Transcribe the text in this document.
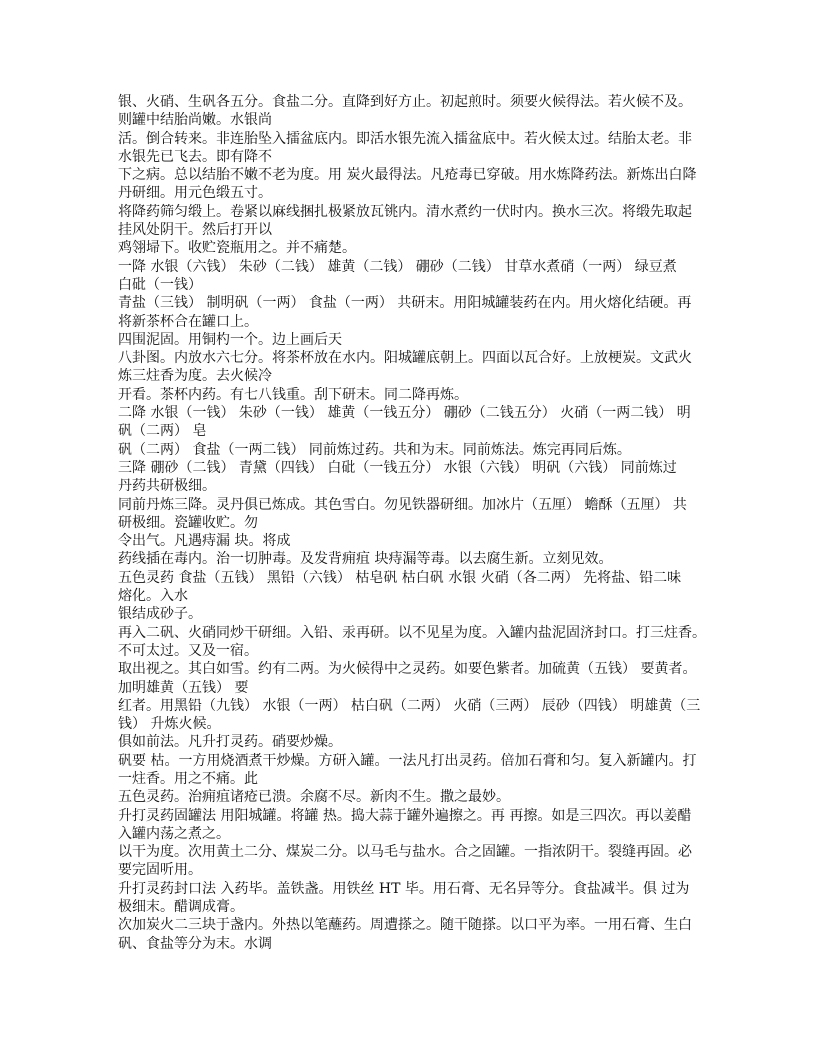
银、火硝、生矾各五分。食盐二分。直降到好方止。初起煎时。须要火候得法。若火候不及。
则罐中结胎尚嫩。水银尚
活。倒合转来。非连胎坠入擂盆底内。即活水银先流入擂盆底中。若火候太过。结胎太老。非
水银先已飞去。即有降不
下之病。总以结胎不嫩不老为度。用 炭火最得法。凡疮毒已穿破。用水炼降药法。新炼出白降
丹研细。用元色缎五寸。
将降药筛匀缎上。卷紧以麻线捆扎极紧放瓦铫内。清水煮约一伏时内。换水三次。将缎先取起
挂风处阴干。然后打开以
鸡翎埽下。收贮瓷瓶用之。并不痛楚。
一降 水银（六钱） 朱砂（二钱） 雄黄（二钱） 硼砂（二钱） 甘草水煮硝（一两） 绿豆煮
白砒（一钱）
青盐（三钱） 制明矾（一两） 食盐（一两） 共研末。用阳城罐装药在内。用火熔化结硬。再
将新茶杯合在罐口上。
四围泥固。用铜杓一个。边上画后天
八卦图。内放水六七分。将茶杯放在水内。阳城罐底朝上。四面以瓦合好。上放梗炭。文武火
炼三炷香为度。去火候冷
开看。茶杯内药。有七八钱重。刮下研末。同二降再炼。
二降 水银（一钱） 朱砂（一钱） 雄黄（一钱五分） 硼砂（二钱五分） 火硝（一两二钱） 明
矾（二两） 皂
矾（二两） 食盐（一两二钱） 同前炼过药。共和为末。同前炼法。炼完再同后炼。
三降 硼砂（二钱） 青黛（四钱） 白砒（一钱五分） 水银（六钱） 明矾（六钱） 同前炼过
丹药共研极细。
同前丹炼三降。灵丹俱已炼成。其色雪白。勿见铁器研细。加冰片（五厘） 蟾酥（五厘） 共
研极细。瓷罐收贮。勿
令出气。凡遇痔漏 块。将成
药线插在毒内。治一切肿毒。及发背痈疽 块痔漏等毒。以去腐生新。立刻见效。
五色灵药 食盐（五钱） 黑铅（六钱） 枯皂矾 枯白矾 水银 火硝（各二两） 先将盐、铅二味
熔化。入水
银结成砂子。
再入二矾、火硝同炒干研细。入铅、汞再研。以不见星为度。入罐内盐泥固济封口。打三炷香。
不可太过。又及一宿。
取出视之。其白如雪。约有二两。为火候得中之灵药。如要色紫者。加硫黄（五钱） 要黄者。
加明雄黄（五钱） 要
红者。用黑铅（九钱） 水银（一两） 枯白矾（二两） 火硝（三两） 辰砂（四钱） 明雄黄（三
钱） 升炼火候。
俱如前法。凡升打灵药。硝要炒燥。
矾要 枯。一方用烧酒煮干炒燥。方研入罐。一法凡打出灵药。倍加石膏和匀。复入新罐内。打
一炷香。用之不痛。此
五色灵药。治痈疽诸疮已溃。余腐不尽。新肉不生。撒之最妙。
升打灵药固罐法 用阳城罐。将罐 热。捣大蒜于罐外遍擦之。再 再擦。如是三四次。再以姜醋
入罐内荡之煮之。
以干为度。次用黄土二分、煤炭二分。以马毛与盐水。合之固罐。一指浓阴干。裂缝再固。必
要完固听用。
升打灵药封口法 入药毕。盖铁盏。用铁丝 HT 毕。用石膏、无名异等分。食盐减半。俱 过为
极细末。醋调成膏。
次加炭火二三块于盏内。外热以笔蘸药。周遭搽之。随干随搽。以口平为率。一用石膏、生白
矾、食盐等分为末。水调
